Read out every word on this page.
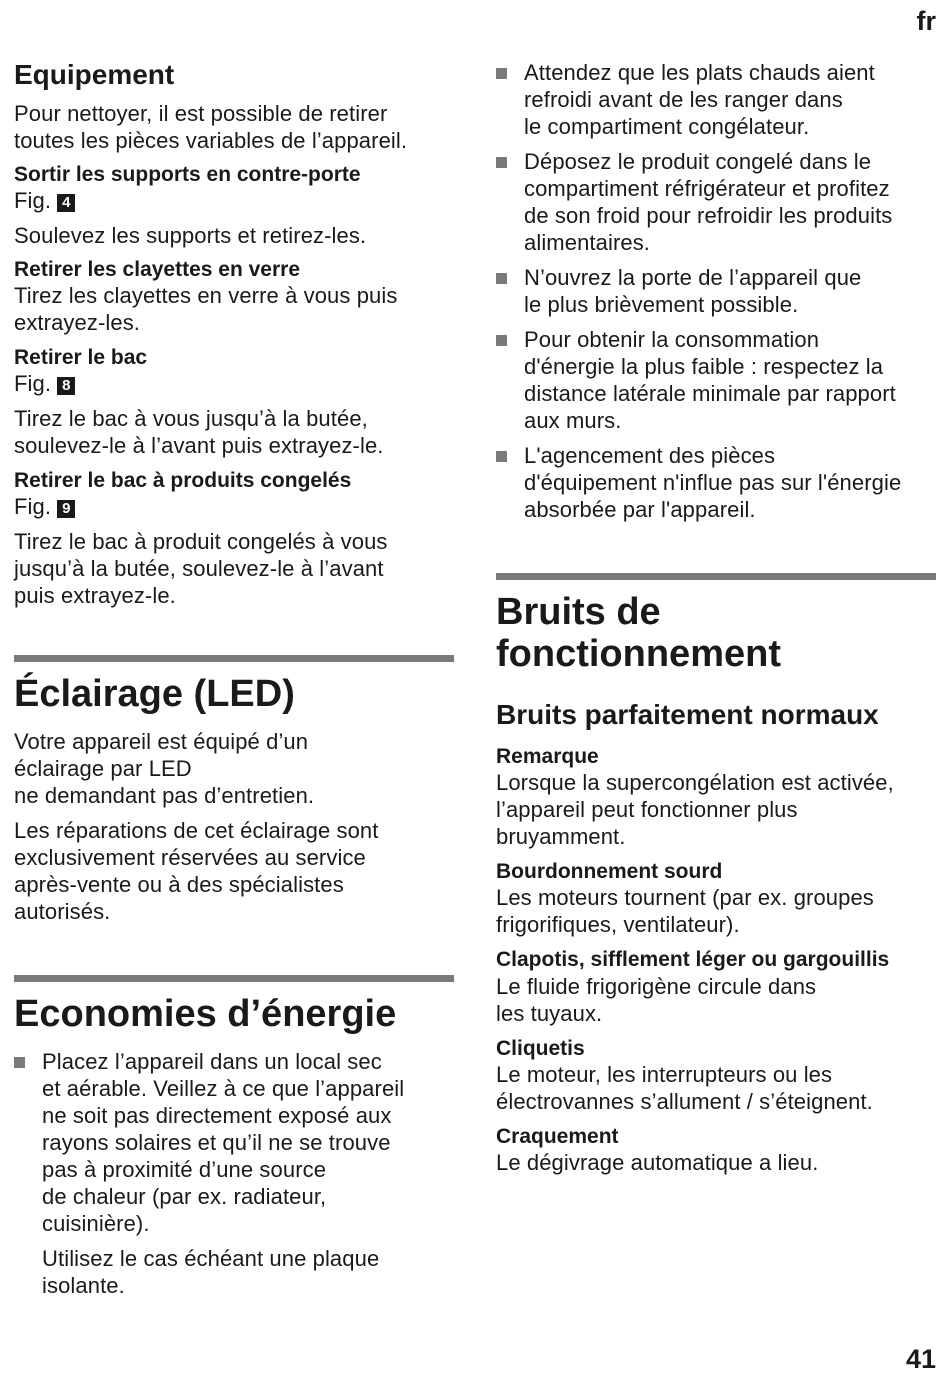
fr
Equipement
Pour nettoyer, il est possible de retirer
toutes les pièces variables de l’appareil.
Sortir les supports en contre-porte
Fig. 4
Soulevez les supports et retirez-les.
Retirer les clayettes en verre
Tirez les clayettes en verre à vous puis
extrayez-les.
Retirer le bac
Fig. 8
Tirez le bac à vous jusqu’à la butée,
soulevez-le à l’avant puis extrayez-le.
Retirer le bac à produits congelés
Fig. 9
Tirez le bac à produit congelés à vous
jusqu’à la butée, soulevez-le à l’avant
puis extrayez-le.
Éclairage (LED)
Votre appareil est équipé d’un
éclairage par LED
ne demandant pas d’entretien.
Les réparations de cet éclairage sont
exclusivement réservées au service
après-vente ou à des spécialistes
autorisés.
Economies d’énergie
Placez l’appareil dans un local sec
et aérable. Veillez à ce que l’appareil
ne soit pas directement exposé aux
rayons solaires et qu’il ne se trouve
pas à proximité d’une source
de chaleur (par ex. radiateur,
cuisinière).
Utilisez le cas échéant une plaque
isolante.
Attendez que les plats chauds aient
refroidi avant de les ranger dans
le compartiment congélateur.
Déposez le produit congelé dans le
compartiment réfrigérateur et profitez
de son froid pour refroidir les produits
alimentaires.
N’ouvrez la porte de l’appareil que
le plus brièvement possible.
Pour obtenir la consommation
d'énergie la plus faible : respectez la
distance latérale minimale par rapport
aux murs.
L'agencement des pièces
d'équipement n'influe pas sur l'énergie
absorbée par l'appareil.
Bruits de
fonctionnement
Bruits parfaitement normaux
Remarque
Lorsque la supercongélation est activée,
l’appareil peut fonctionner plus
bruyamment.
Bourdonnement sourd
Les moteurs tournent (par ex. groupes
frigorifiques, ventilateur).
Clapotis, sifflement léger ou gargouillis
Le fluide frigorigène circule dans
les tuyaux.
Cliquetis
Le moteur, les interrupteurs ou les
électrovannes s’allument / s’éteignent.
Craquement
Le dégivrage automatique a lieu.
41
